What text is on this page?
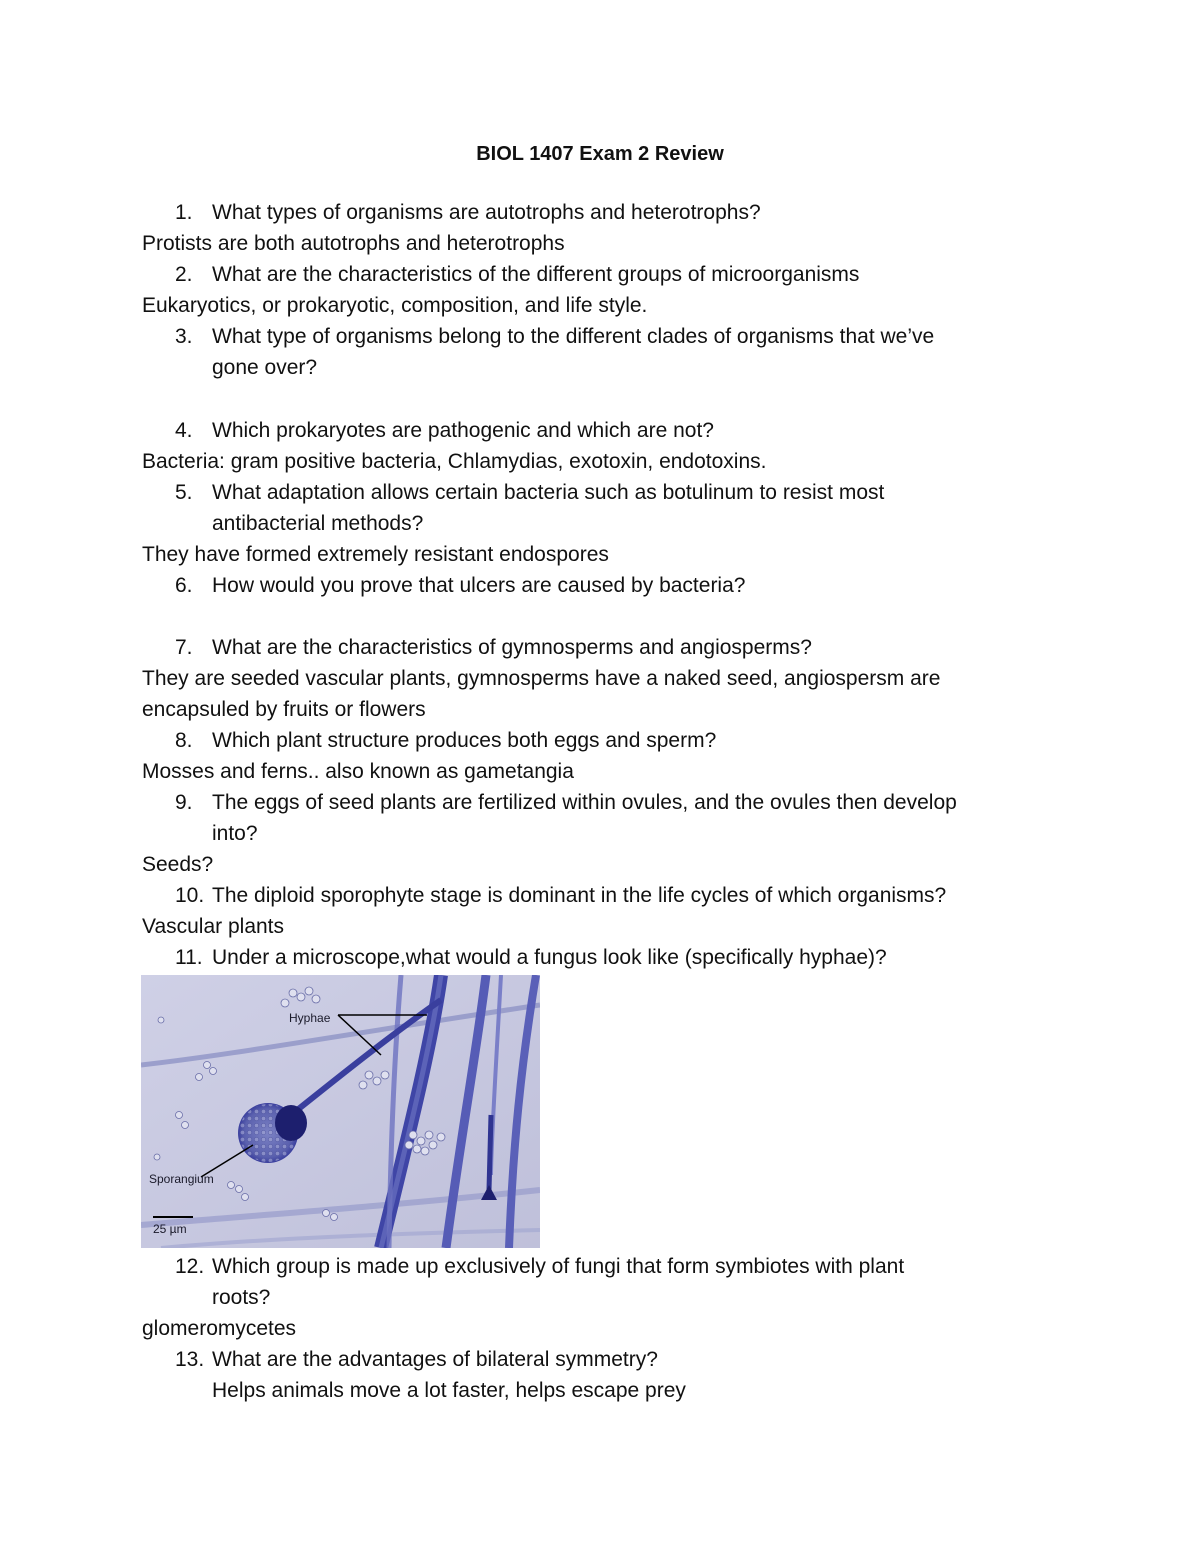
BIOL 1407 Exam 2 Review
1. What types of organisms are autotrophs and heterotrophs?
Protists are both autotrophs and heterotrophs
2. What are the characteristics of the different groups of microorganisms
Eukaryotics, or prokaryotic, composition, and life style.
3. What type of organisms belong to the different clades of organisms that we’ve
gone over?
4. Which prokaryotes are pathogenic and which are not?
Bacteria: gram positive bacteria, Chlamydias, exotoxin, endotoxins.
5. What adaptation allows certain bacteria such as botulinum to resist most
antibacterial methods?
They have formed extremely resistant endospores
6. How would you prove that ulcers are caused by bacteria?
7. What are the characteristics of gymnosperms and angiosperms?
They are seeded vascular plants, gymnosperms have a naked seed, angiospersm are
encapsuled by fruits or flowers
8. Which plant structure produces both eggs and sperm?
Mosses and ferns.. also known as gametangia
9. The eggs of seed plants are fertilized within ovules, and the ovules then develop
into?
Seeds?
10. The diploid sporophyte stage is dominant in the life cycles of which organisms?
Vascular plants
11. Under a microscope,what would a fungus look like (specifically hyphae)?
Hyphae
Sporangium
25 µm
12. Which group is made up exclusively of fungi that form symbiotes with plant
roots?
glomeromycetes
13. What are the advantages of bilateral symmetry?
Helps animals move a lot faster, helps escape prey
